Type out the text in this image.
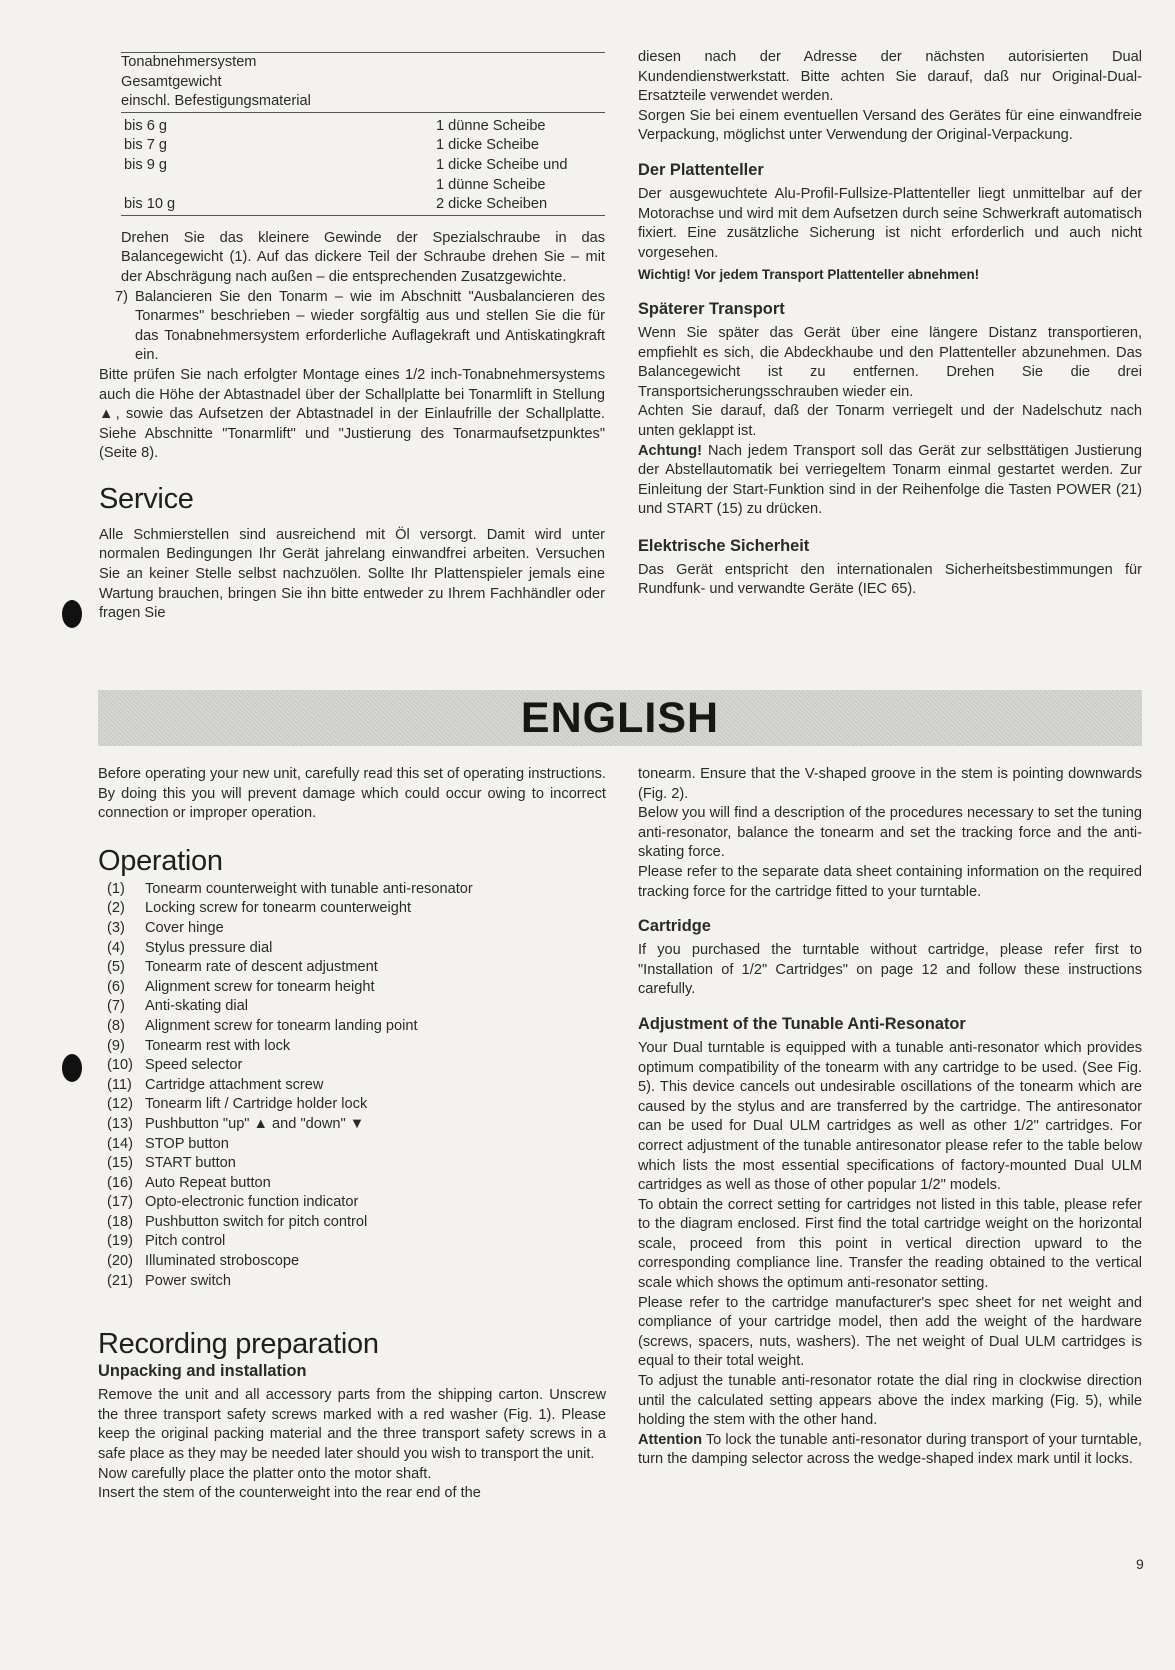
Tonabnehmersystem
Gesamtgewicht
einschl. Befestigungsmaterial	

bis 6 g	1 dünne Scheibe
bis 7 g	1 dicke Scheibe
bis 9 g	1 dicke Scheibe und
	1 dünne Scheibe
bis 10 g	2 dicke Scheiben

Drehen Sie das kleinere Gewinde der Spezialschraube in das Balancegewicht (1). Auf das dickere Teil der Schraube drehen Sie – mit der Abschrägung nach außen – die entsprechenden Zusatzgewichte.

7) Balancieren Sie den Tonarm – wie im Abschnitt "Ausbalancieren des Tonarmes" beschrieben – wieder sorgfältig aus und stellen Sie die für das Tonabnehmersystem erforderliche Auflagekraft und Antiskatingkraft ein.

Bitte prüfen Sie nach erfolgter Montage eines 1/2 inch-Tonabnehmersystems auch die Höhe der Abtastnadel über der Schallplatte bei Tonarmlift in Stellung ▲, sowie das Aufsetzen der Abtastnadel in der Einlaufrille der Schallplatte. Siehe Abschnitte "Tonarmlift" und "Justierung des Tonarmaufsetzpunktes" (Seite 8).

Service

Alle Schmierstellen sind ausreichend mit Öl versorgt. Damit wird unter normalen Bedingungen Ihr Gerät jahrelang einwandfrei arbeiten. Versuchen Sie an keiner Stelle selbst nachzuölen. Sollte Ihr Plattenspieler jemals eine Wartung brauchen, bringen Sie ihn bitte entweder zu Ihrem Fachhändler oder fragen Sie

diesen nach der Adresse der nächsten autorisierten Dual Kundendienstwerkstatt. Bitte achten Sie darauf, daß nur Original-Dual-Ersatzteile verwendet werden.

Sorgen Sie bei einem eventuellen Versand des Gerätes für eine einwandfreie Verpackung, möglichst unter Verwendung der Original-Verpackung.

Der Plattenteller

Der ausgewuchtete Alu-Profil-Fullsize-Plattenteller liegt unmittelbar auf der Motorachse und wird mit dem Aufsetzen durch seine Schwerkraft automatisch fixiert. Eine zusätzliche Sicherung ist nicht erforderlich und auch nicht vorgesehen.

Wichtig! Vor jedem Transport Plattenteller abnehmen!

Späterer Transport

Wenn Sie später das Gerät über eine längere Distanz transportieren, empfiehlt es sich, die Abdeckhaube und den Plattenteller abzunehmen. Das Balancegewicht ist zu entfernen. Drehen Sie die drei Transportsicherungsschrauben wieder ein.

Achten Sie darauf, daß der Tonarm verriegelt und der Nadelschutz nach unten geklappt ist.

Achtung! Nach jedem Transport soll das Gerät zur selbsttätigen Justierung der Abstellautomatik bei verriegeltem Tonarm einmal gestartet werden. Zur Einleitung der Start-Funktion sind in der Reihenfolge die Tasten POWER (21) und START (15) zu drücken.

Elektrische Sicherheit

Das Gerät entspricht den internationalen Sicherheitsbestimmungen für Rundfunk- und verwandte Geräte (IEC 65).

ENGLISH

Before operating your new unit, carefully read this set of operating instructions. By doing this you will prevent damage which could occur owing to incorrect connection or improper operation.

Operation
(1)	Tonearm counterweight with tunable anti-resonator
(2)	Locking screw for tonearm counterweight
(3)	Cover hinge
(4)	Stylus pressure dial
(5)	Tonearm rate of descent adjustment
(6)	Alignment screw for tonearm height
(7)	Anti-skating dial
(8)	Alignment screw for tonearm landing point
(9)	Tonearm rest with lock
(10) Speed selector
(11) Cartridge attachment screw
(12) Tonearm lift / Cartridge holder lock
(13) Pushbutton "up" ▲ and "down" ▼
(14) STOP button
(15) START button
(16) Auto Repeat button
(17) Opto-electronic function indicator
(18) Pushbutton switch for pitch control
(19) Pitch control
(20) Illuminated stroboscope
(21) Power switch
Recording preparation
Unpacking and installation

Remove the unit and all accessory parts from the shipping carton. Unscrew the three transport safety screws marked with a red washer (Fig. 1). Please keep the original packing material and the three transport safety screws in a safe place as they may be needed later should you wish to transport the unit.

Now carefully place the platter onto the motor shaft.

Insert the stem of the counterweight into the rear end of the

tonearm. Ensure that the V-shaped groove in the stem is pointing downwards (Fig. 2).

Below you will find a description of the procedures necessary to set the tuning anti-resonator, balance the tonearm and set the tracking force and the anti-skating force.

Please refer to the separate data sheet containing information on the required tracking force for the cartridge fitted to your turntable.

Cartridge

If you purchased the turntable without cartridge, please refer first to "Installation of 1/2" Cartridges" on page 12 and follow these instructions carefully.

Adjustment of the Tunable Anti-Resonator

Your Dual turntable is equipped with a tunable anti-resonator which provides optimum compatibility of the tonearm with any cartridge to be used. (See Fig. 5). This device cancels out undesirable oscillations of the tonearm which are caused by the stylus and are transferred by the cartridge. The antiresonator can be used for Dual ULM cartridges as well as other 1/2" cartridges. For correct adjustment of the tunable antiresonator please refer to the table below which lists the most essential specifications of factory-mounted Dual ULM cartridges as well as those of other popular 1/2" models.

To obtain the correct setting for cartridges not listed in this table, please refer to the diagram enclosed. First find the total cartridge weight on the horizontal scale, proceed from this point in vertical direction upward to the corresponding compliance line. Transfer the reading obtained to the vertical scale which shows the optimum anti-resonator setting.

Please refer to the cartridge manufacturer's spec sheet for net weight and compliance of your cartridge model, then add the weight of the hardware (screws, spacers, nuts, washers). The net weight of Dual ULM cartridges is equal to their total weight.

To adjust the tunable anti-resonator rotate the dial ring in clockwise direction until the calculated setting appears above the index marking (Fig. 5), while holding the stem with the other hand.

Attention To lock the tunable anti-resonator during transport of your turntable, turn the damping selector across the wedge-shaped index mark until it locks.

9
